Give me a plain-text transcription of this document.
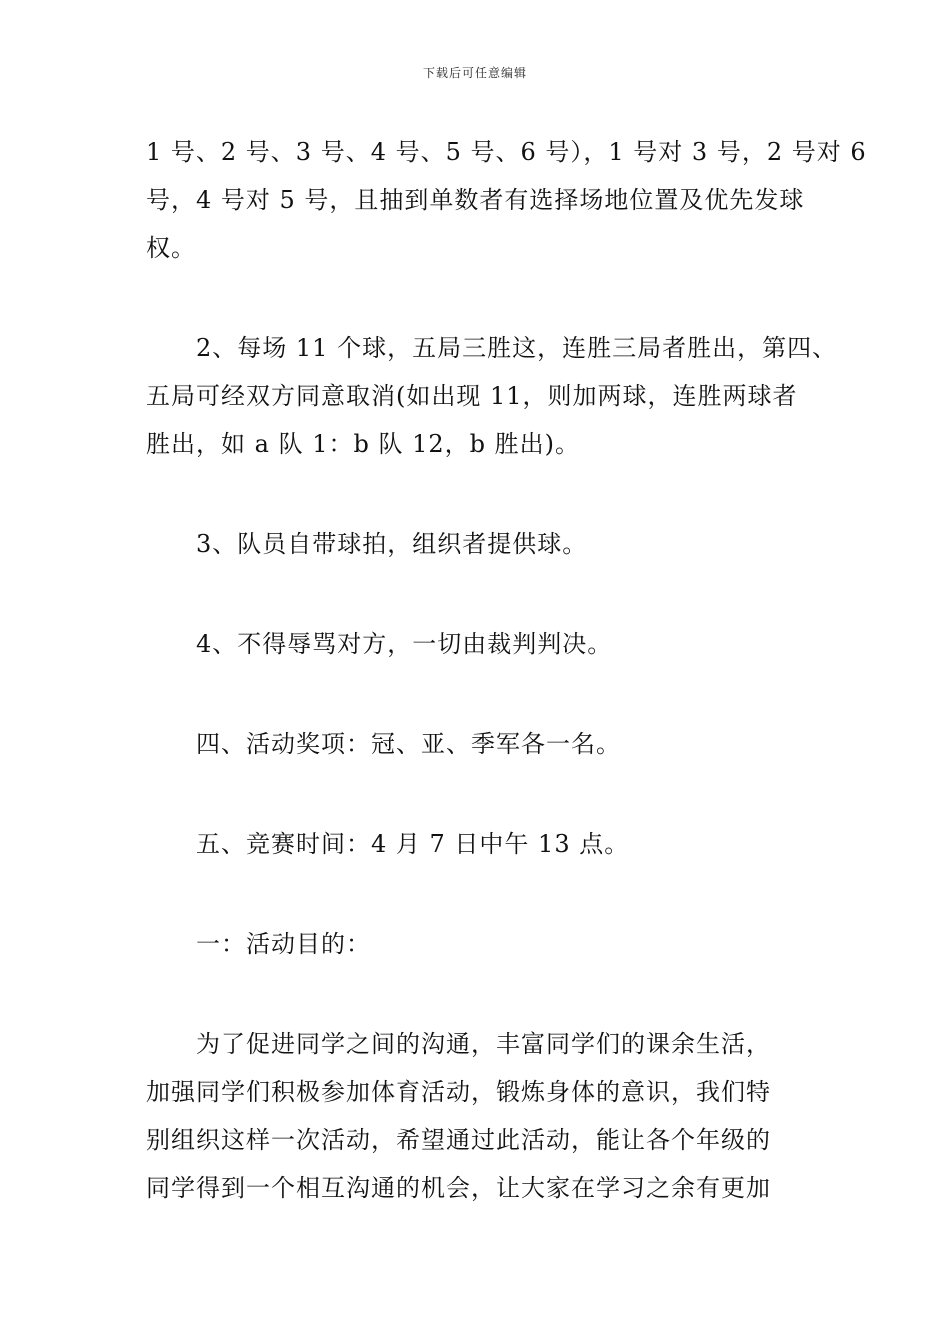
下载后可任意编辑
1 号、2 号、3 号、4 号、5 号、6 号），1 号对 3 号，2 号对 6
号，4 号对 5 号，且抽到单数者有选择场地位置及优先发球
权。
2、每场 11 个球，五局三胜这，连胜三局者胜出，第四、
五局可经双方同意取消(如出现 11，则加两球，连胜两球者
胜出，如 a 队 1：b 队 12，b 胜出)。
3、队员自带球拍，组织者提供球。
4、不得辱骂对方，一切由裁判判决。
四、活动奖项：冠、亚、季军各一名。
五、竞赛时间：4 月 7 日中午 13 点。
一：活动目的：
为了促进同学之间的沟通，丰富同学们的课余生活，
加强同学们积极参加体育活动，锻炼身体的意识，我们特
别组织这样一次活动，希望通过此活动，能让各个年级的
同学得到一个相互沟通的机会，让大家在学习之余有更加
